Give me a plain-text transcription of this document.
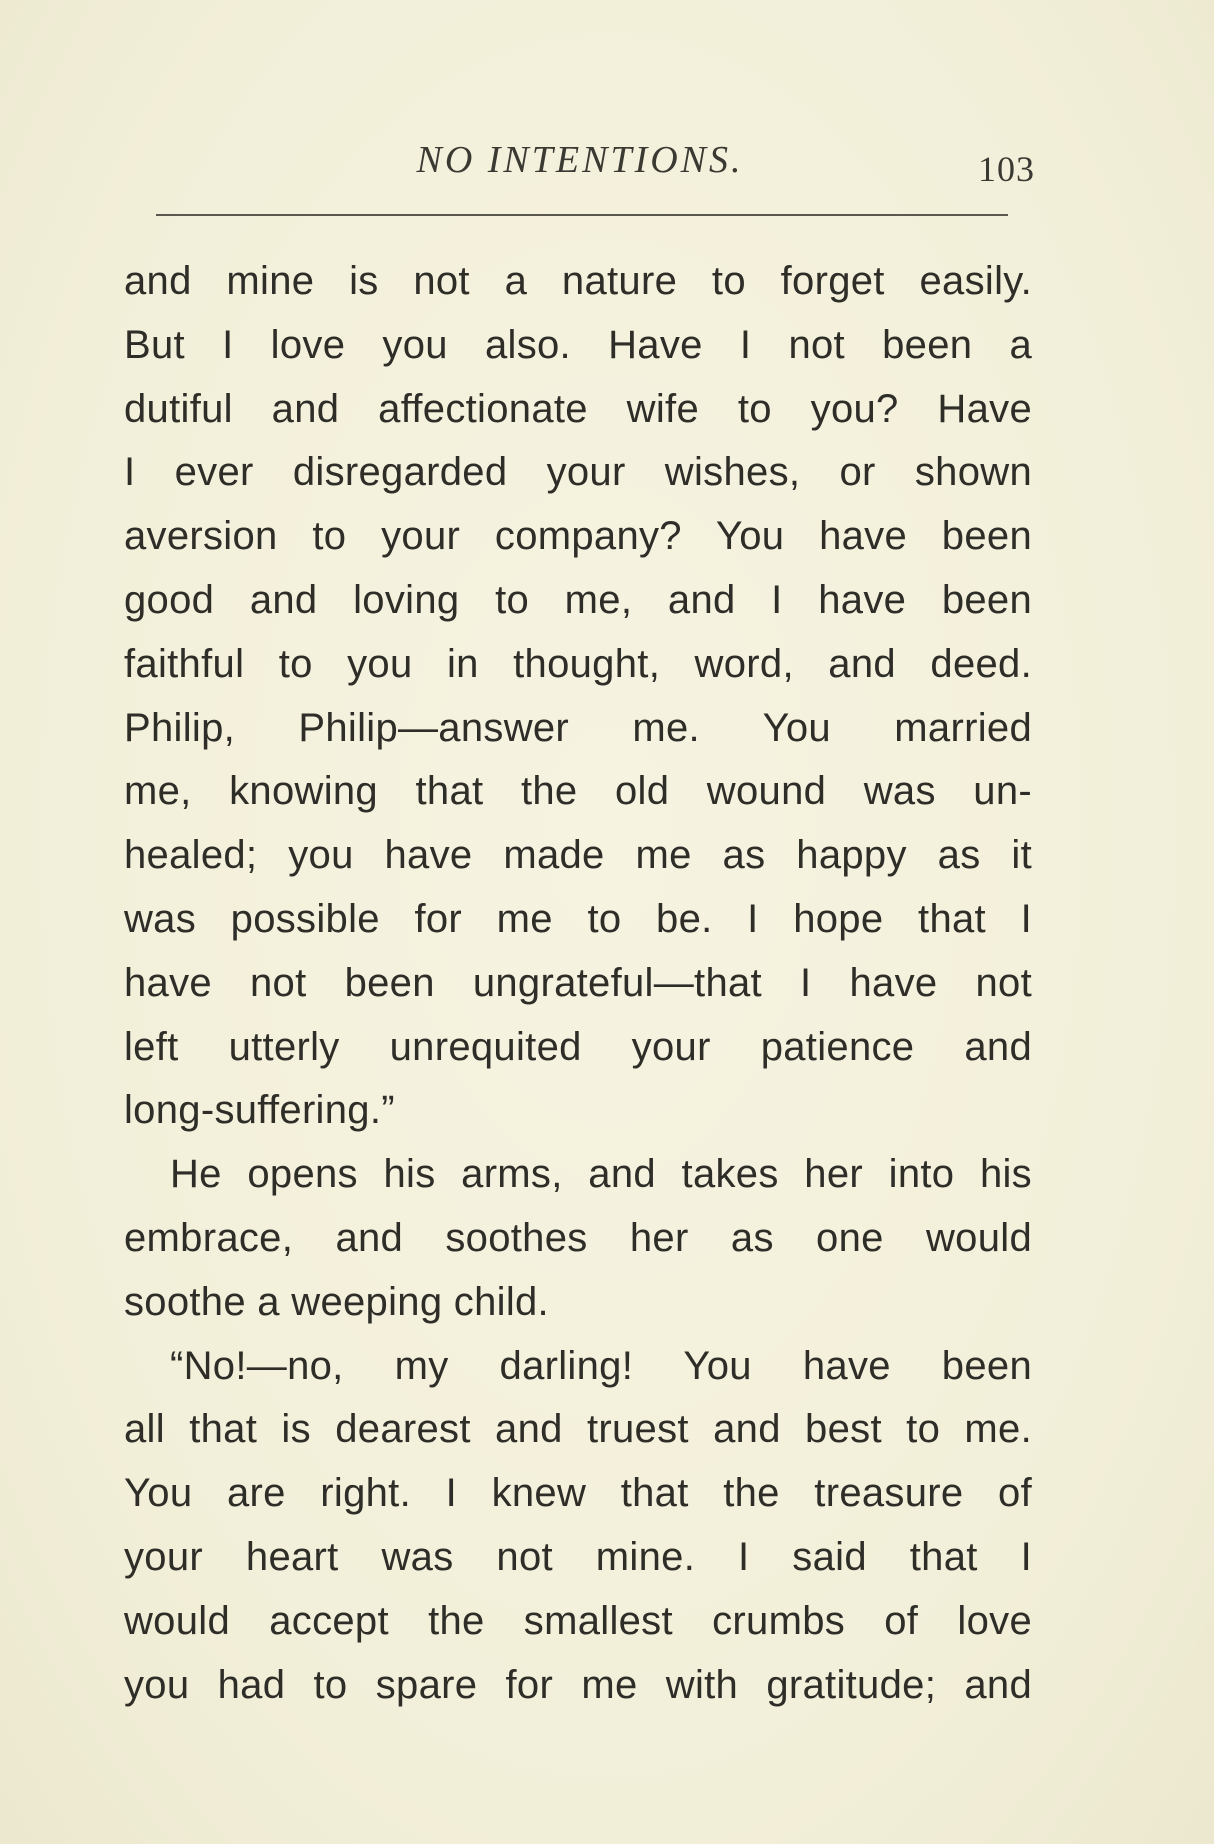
NO INTENTIONS.	103
and mine is not a nature to forget easily.
But I love you also. Have I not been a
dutiful and affectionate wife to you? Have
I ever disregarded your wishes, or shown
aversion to your company? You have been
good and loving to me, and I have been
faithful to you in thought, word, and deed.
Philip, Philip—answer me. You married
me, knowing that the old wound was un-
healed; you have made me as happy as it
was possible for me to be. I hope that I
have not been ungrateful—that I have not
left utterly unrequited your patience and
long-suffering.”
He opens his arms, and takes her into his
embrace, and soothes her as one would
soothe a weeping child.
“No!—no, my darling! You have been
all that is dearest and truest and best to me.
You are right. I knew that the treasure of
your heart was not mine. I said that I
would accept the smallest crumbs of love
you had to spare for me with gratitude; and
